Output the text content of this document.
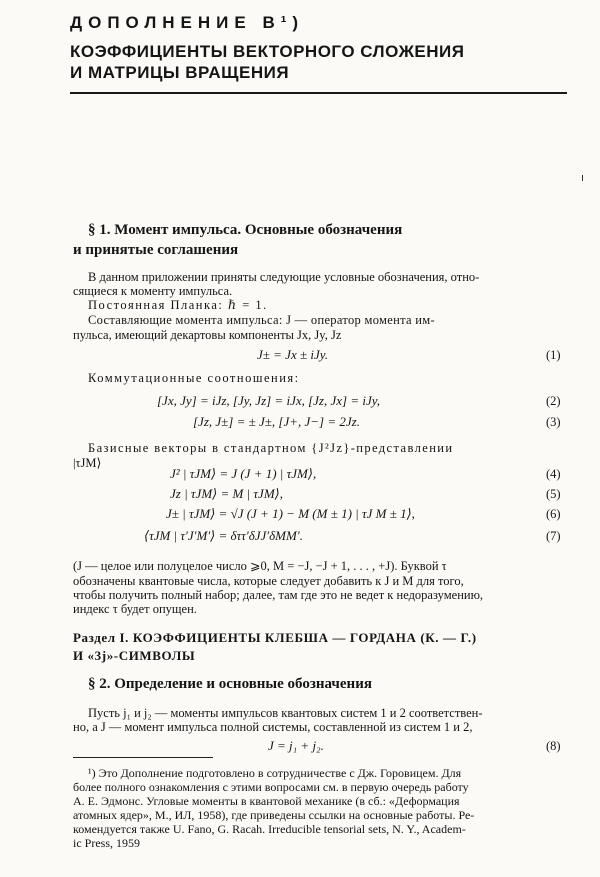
ДОПОЛНЕНИЕ В¹)
КОЭФФИЦИЕНТЫ ВЕКТОРНОГО СЛОЖЕНИЯ
И МАТРИЦЫ ВРАЩЕНИЯ
§ 1. Момент импульса. Основные обозначения
и принятые соглашения
В данном приложении приняты следующие условные обозначения, отно-
сящиеся к моменту импульса.
Постоянная Планка: ℏ = 1.
Составляющие момента импульса: J — оператор момента им-
пульса, имеющий декартовы компоненты Jx, Jy, Jz
J± = Jx ± iJy.	(1)
Коммутационные соотношения:
[Jx, Jy] = iJz, [Jy, Jz] = iJx, [Jz, Jx] = iJy,	(2)
[Jz, J±] = ± J±, [J+, J−] = 2Jz.	(3)
Базисные векторы в стандартном {J²Jz}-представлении
|τJM⟩
J² | τJM⟩ = J (J + 1) | τJM⟩,	(4)
Jz | τJM⟩ = M | τJM⟩,	(5)
J± | τJM⟩ = √J (J + 1) − M (M ± 1) | τJ M ± 1⟩,	(6)
⟨τJM | τ′J′M′⟩ = δττ′δJJ′δMM′.	(7)
(J — целое или полуцелое число ⩾0, M = −J, −J + 1, . . . , +J). Буквой τ
обозначены квантовые числа, которые следует добавить к J и M для того,
чтобы получить полный набор; далее, там где это не ведет к недоразумению,
индекс τ будет опущен.
Раздел I. КОЭФФИЦИЕНТЫ КЛЕБША — ГОРДАНА (К. — Г.)
И «3j»-СИМВОЛЫ
§ 2. Определение и основные обозначения
Пусть j₁ и j₂ — моменты импульсов квантовых систем 1 и 2 соответствен-
но, а J — момент импульса полной системы, составленной из систем 1 и 2,
J = j₁ + j₂.	(8)
¹) Это Дополнение подготовлено в сотрудничестве с Дж. Горовицем. Для
более полного ознакомления с этими вопросами см. в первую очередь работу
А. Е. Эдмонс. Угловые моменты в квантовой механике (в сб.: «Деформация
атомных ядер», М., ИЛ, 1958), где приведены ссылки на основные работы. Ре-
комендуется также U. Fano, G. Racah. Irreducible tensorial sets, N. Y., Academ-
ic Press, 1959
